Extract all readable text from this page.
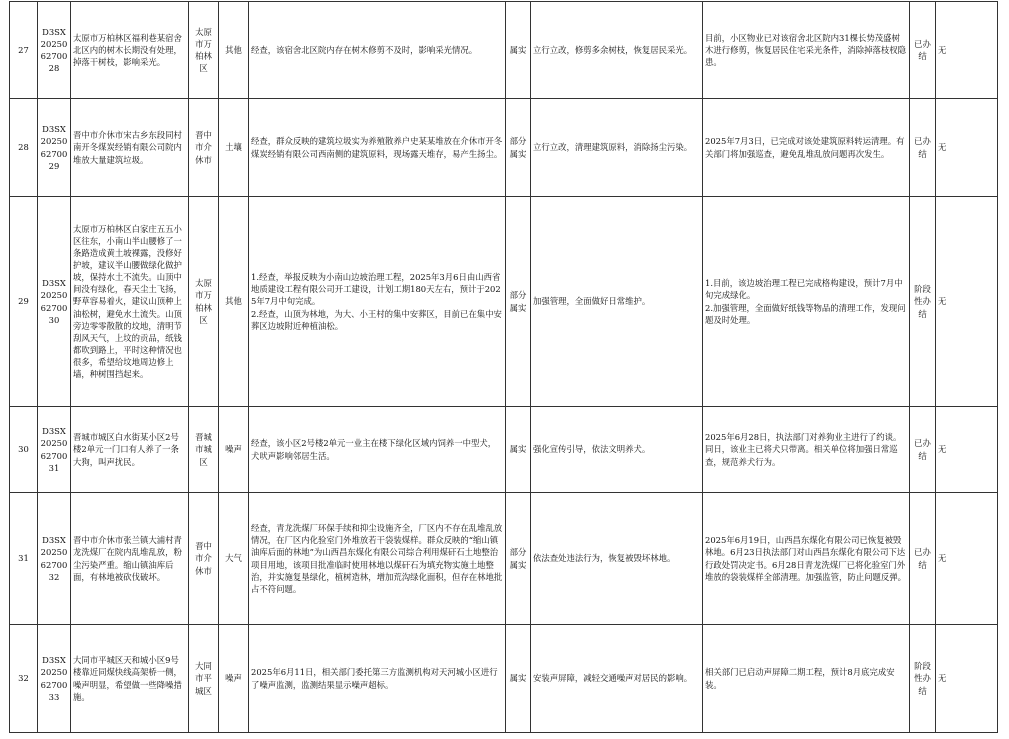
27	D3SX2025062700 28	太原市万柏林区福利巷某宿舍北区内的树木长期没有处理，掉落干树枝，影响采光。	太原市万柏林区	其他	经查，该宿舍北区院内存在树木修剪不及时，影响采光情况。	属实	立行立改，修剪多余树枝，恢复居民采光。	目前，小区物业已对该宿舍北区院内31棵长势茂盛树木进行修剪，恢复居民住宅采光条件，消除掉落枝杈隐患。	已办结	无

28	D3SX2025062700 29	晋中市介休市宋古乡东段同村南开冬煤炭经销有限公司院内堆放大量建筑垃圾。	晋中市介休市	土壤	经查，群众反映的建筑垃圾实为养殖散养户史某某堆放在介休市开冬煤炭经销有限公司西南侧的建筑原料，现场露天堆存，易产生扬尘。	部分属实	立行立改，清理建筑原料，消除扬尘污染。	2025年7月3日，已完成对该处建筑原料转运清理。有关部门将加强巡查，避免乱堆乱放问题再次发生。	已办结	无

29	D3SX2025062700 30	太原市万柏林区白家庄五五小区往东，小南山半山腰修了一条路造成黄土坡裸露，没修好护坡，建议半山腰做绿化做护坡，保持水土不流失。山顶中间没有绿化，春天尘土飞扬，野草容易着火，建议山顶种上油松树，避免水土流失。山顶旁边零零散散的坟地，清明节刮风天气，上坟的贡品，纸钱都吹到路上，平时这种情况也很多，希望给坟地周边修上墙，种树围挡起来。	太原市万柏林区	其他	1.经查，举报反映为小南山边坡治理工程，2025年3月6日由山西省地质建设工程有限公司开工建设，计划工期180天左右，预计于2025年7月中旬完成。
2.经查，山顶为林地，为大、小王村的集中安葬区，目前已在集中安葬区边坡附近种植油松。	部分属实	加强管理，全面做好日常维护。	1.目前，该边坡治理工程已完成格构建设，预计7月中旬完成绿化。
2.加强管理，全面做好纸钱等物品的清理工作，发现问题及时处理。	阶段性办结	无

30	D3SX2025062700 31	晋城市城区白水街某小区2号楼2单元一门口有人养了一条大狗，叫声扰民。	晋城市城区	噪声	经查，该小区2号楼2单元一业主在楼下绿化区域内饲养一中型犬，犬吠声影响邻居生活。	属实	强化宣传引导，依法文明养犬。	2025年6月28日，执法部门对养狗业主进行了约谈。同日，该业主已将犬只带离。相关单位将加强日常巡查，规范养犬行为。	已办结	无

31	D3SX2025062700 32	晋中市介休市张兰镇大浦村青龙洗煤厂在院内乱堆乱放，粉尘污染严重。缩山镇油库后面，有林地被砍伐破坏。	晋中市介休市	大气	经查，青龙洗煤厂环保手续和抑尘设施齐全，厂区内不存在乱堆乱放情况，在厂区内化验室门外堆放若干袋装煤样。群众反映的“缩山镇油库后面的林地”为山西昌东煤化有限公司综合利用煤矸石土地整治项目用地，该项目批准临时使用林地以煤矸石为填充物实施土地整治，并实施复垦绿化，植树造林，增加荒沟绿化面积，但存在林地批占不符问题。	部分属实	依法查处违法行为，恢复被毁坏林地。	2025年6月19日，山西昌东煤化有限公司已恢复被毁林地。6月23日执法部门对山西昌东煤化有限公司下达行政处罚决定书。6月28日青龙洗煤厂已将化验室门外堆放的袋装煤样全部清理。加强监管，防止问题反弹。	已办结	无

32	D3SX2025062700 33	大同市平城区天和城小区9号楼靠近同煤快线高架桥一侧，噪声明显，希望做一些降噪措施。	大同市平城区	噪声	2025年6月11日，相关部门委托第三方监测机构对天河城小区进行了噪声监测，监测结果显示噪声超标。	属实	安装声屏障，减轻交通噪声对居民的影响。	相关部门已启动声屏障二期工程，预计8月底完成安装。	阶段性办结	无
